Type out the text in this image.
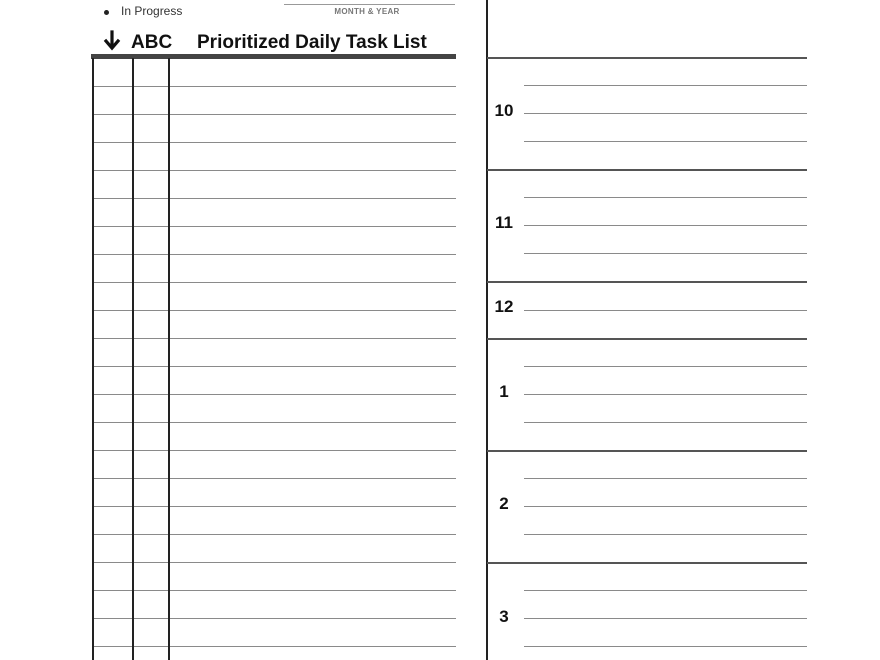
In Progress	MONTH & YEAR
ABC Prioritized Daily Task List
10
11
12
1
2
3
